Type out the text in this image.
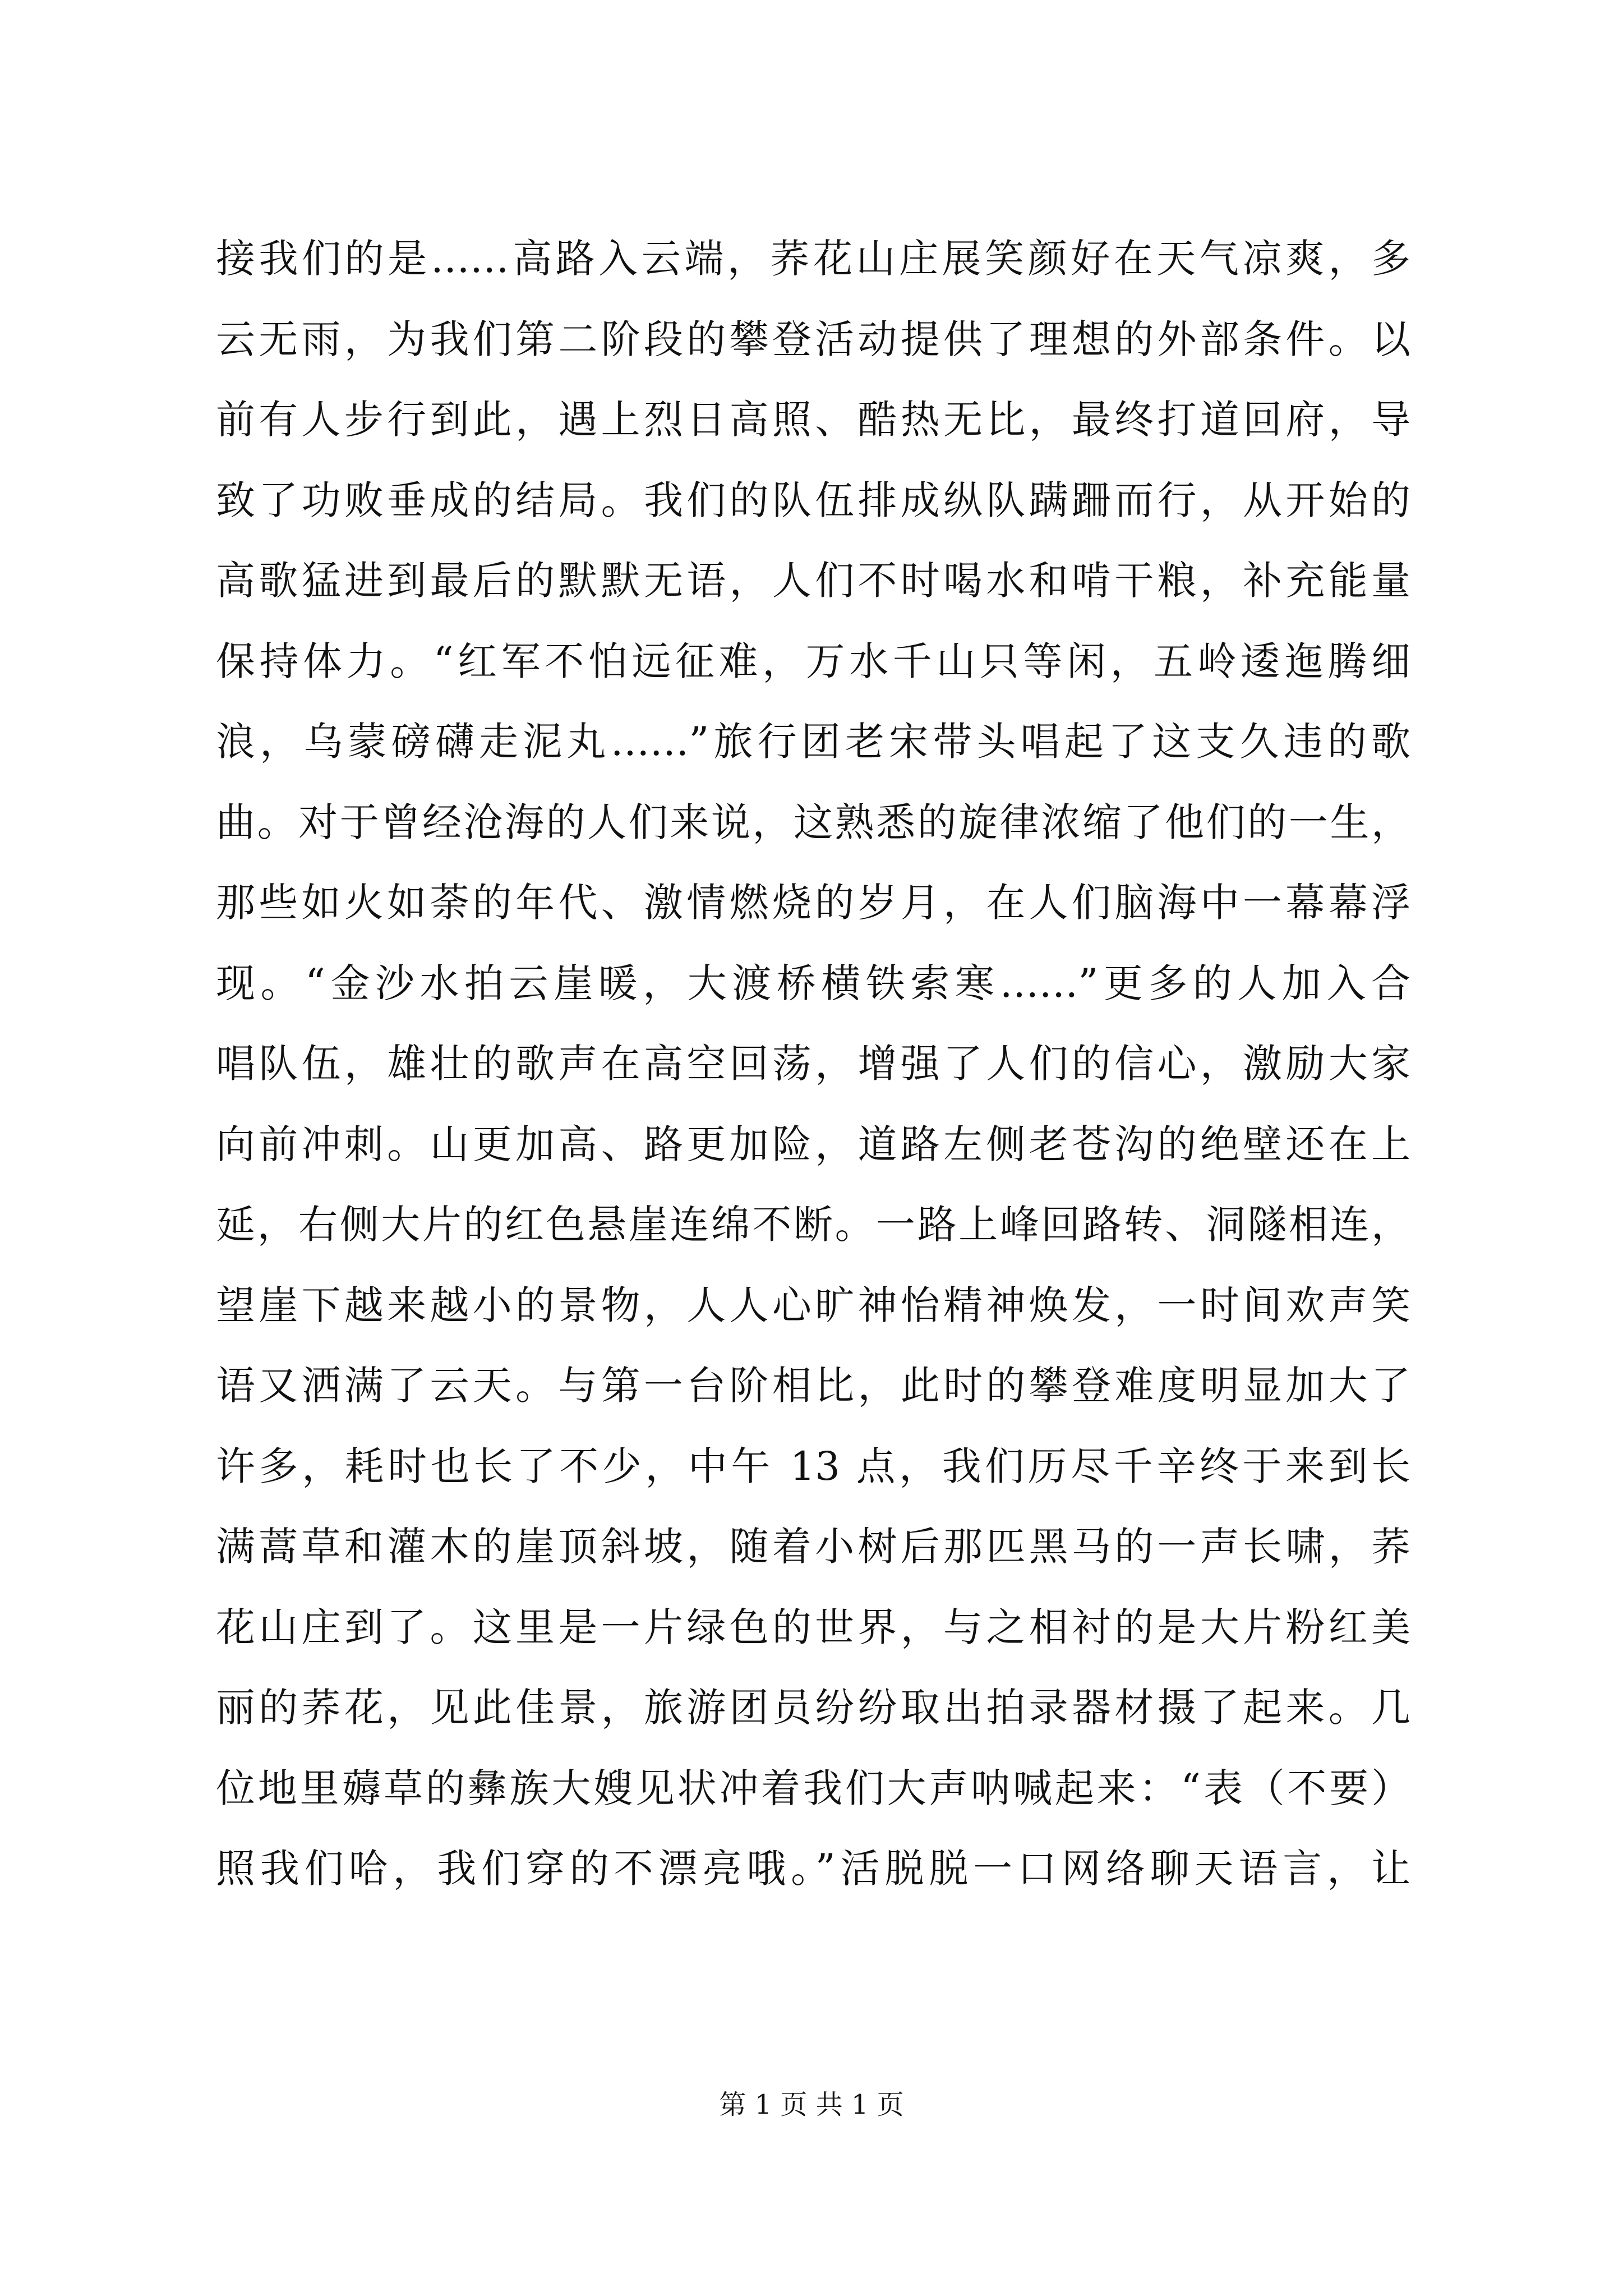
接我们的是……高路入云端，荞花山庄展笑颜好在天气凉爽，多
云无雨，为我们第二阶段的攀登活动提供了理想的外部条件。以
前有人步行到此，遇上烈日高照、酷热无比，最终打道回府，导
致了功败垂成的结局。我们的队伍排成纵队蹒跚而行，从开始的
高歌猛进到最后的默默无语，人们不时喝水和啃干粮，补充能量
保持体力。“红军不怕远征难，万水千山只等闲，五岭逶迤腾细
浪，乌蒙磅礴走泥丸……”旅行团老宋带头唱起了这支久违的歌
曲。对于曾经沧海的人们来说，这熟悉的旋律浓缩了他们的一生，
那些如火如荼的年代、激情燃烧的岁月，在人们脑海中一幕幕浮
现。“金沙水拍云崖暖，大渡桥横铁索寒……”更多的人加入合
唱队伍，雄壮的歌声在高空回荡，增强了人们的信心，激励大家
向前冲刺。山更加高、路更加险，道路左侧老苍沟的绝壁还在上
延，右侧大片的红色悬崖连绵不断。一路上峰回路转、洞隧相连，
望崖下越来越小的景物，人人心旷神怡精神焕发，一时间欢声笑
语又洒满了云天。与第一台阶相比，此时的攀登难度明显加大了
许多，耗时也长了不少，中午 13 点，我们历尽千辛终于来到长
满蒿草和灌木的崖顶斜坡，随着小树后那匹黑马的一声长啸，荞
花山庄到了。这里是一片绿色的世界，与之相衬的是大片粉红美
丽的荞花，见此佳景，旅游团员纷纷取出拍录器材摄了起来。几
位地里薅草的彝族大嫂见状冲着我们大声呐喊起来：“表（不要）
照我们哈，我们穿的不漂亮哦。”活脱脱一口网络聊天语言，让
第 1 页 共 1 页
